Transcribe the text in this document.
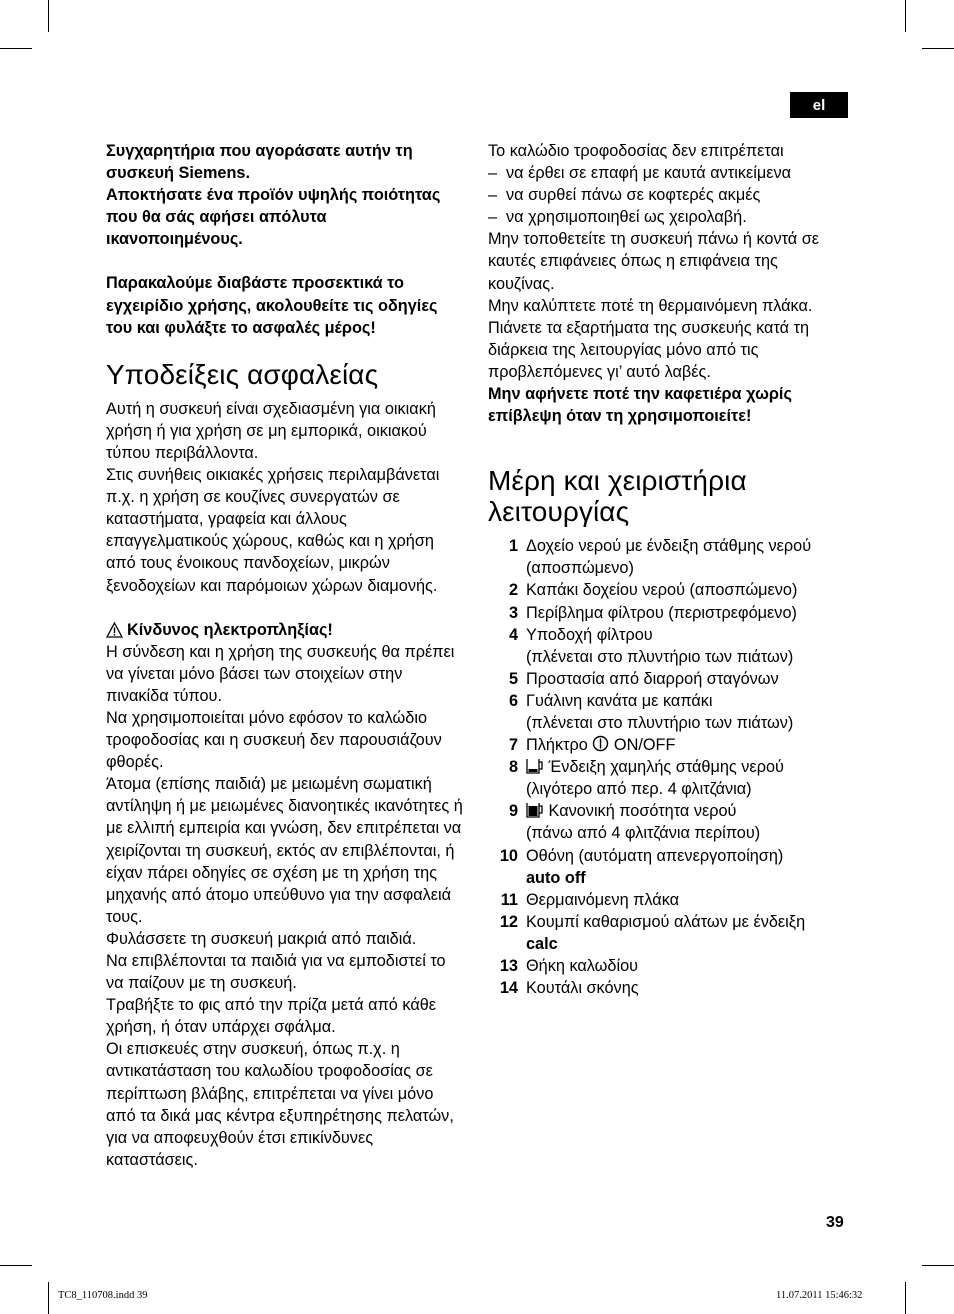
el

Συγχαρητήρια που αγοράσατε αυτήν τη συσκευή Siemens.

Αποκτήσατε ένα προϊόν υψηλής ποιότητας που θα σάς αφήσει απόλυτα ικανοποιημένους.

Παρακαλούμε διαβάστε προσεκτικά το εγχειρίδιο χρήσης, ακολουθείτε τις οδηγίες του και φυλάξτε το ασφαλές μέρος!

Υποδείξεις ασφαλείας

Αυτή η συσκευή είναι σχεδιασμένη για οικιακή χρήση ή για χρήση σε μη εμπορικά, οικιακού τύπου περιβάλλοντα.

Στις συνήθεις οικιακές χρήσεις περιλαμβάνεται π.χ. η χρήση σε κουζίνες συνεργατών σε καταστήματα, γραφεία και άλλους επαγγελματικούς χώρους, καθώς και η χρήση από τους ένοικους πανδοχείων, μικρών ξενοδοχείων και παρόμοιων χώρων διαμονής.

Κίνδυνος ηλεκτροπληξίας!

Η σύνδεση και η χρήση της συσκευής θα πρέπει να γίνεται μόνο βάσει των στοιχείων στην πινακίδα τύπου.

Να χρησιμοποιείται μόνο εφόσον το καλώδιο τροφοδοσίας και η συσκευή δεν παρουσιάζουν φθορές.

Άτομα (επίσης παιδιά) με μειωμένη σωματική αντίληψη ή με μειωμένες διανοητικές ικανότητες ή με ελλιπή εμπειρία και γνώση, δεν επιτρέπεται να χειρίζονται τη συσκευή, εκτός αν επιβλέπονται, ή είχαν πάρει οδηγίες σε σχέση με τη χρήση της μηχανής από άτομο υπεύθυνο για την ασφαλειά τους.

Φυλάσσετε τη συσκευή μακριά από παιδιά.

Να επιβλέπονται τα παιδιά για να εμποδιστεί το να παίζουν με τη συσκευή.

Τραβήξτε το φις από την πρίζα μετά από κάθε χρήση, ή όταν υπάρχει σφάλμα.

Οι επισκευές στην συσκευή, όπως π.χ. η αντικατάσταση του καλωδίου τροφοδοσίας σε περίπτωση βλάβης, επιτρέπεται να γίνει μόνο από τα δικά μας κέντρα εξυπηρέτησης πελατών, για να αποφευχθούν έτσι επικίνδυνες καταστάσεις.

Το καλώδιο τροφοδοσίας δεν επιτρέπεται

– να έρθει σε επαφή με καυτά αντικείμενα
– να συρθεί πάνω σε κοφτερές ακμές
– να χρησιμοποιηθεί ως χειρολαβή.

Μην τοποθετείτε τη συσκευή πάνω ή κοντά σε καυτές επιφάνειες όπως η επιφάνεια της κουζίνας.

Μην καλύπτετε ποτέ τη θερμαινόμενη πλάκα.

Πιάνετε τα εξαρτήματα της συσκευής κατά τη διάρκεια της λειτουργίας μόνο από τις προβλεπόμενες γι’ αυτό λαβές.

Μην αφήνετε ποτέ την καφετιέρα χωρίς επίβλεψη όταν τη χρησιμοποιείτε!

Μέρη και χειριστήρια
λειτουργίας
1 Δοχείο νερού με ένδειξη στάθμης νερού
(αποσπώμενο)
2 Καπάκι δοχείου νερού (αποσπώμενο)
3 Περίβλημα φίλτρου (περιστρεφόμενο)
4 Υποδοχή φίλτρου
(πλένεται στο πλυντήριο των πιάτων)
5 Προστασία από διαρροή σταγόνων
6 Γυάλινη κανάτα με καπάκι
(πλένεται στο πλυντήριο των πιάτων)
7 Πλήκτρο ON/OFF
8	Ένδειξη χαμηλής στάθμης νερού
(λιγότερο από περ. 4 φλιτζάνια)
9	Κανονική ποσότητα νερού
(πάνω από 4 φλιτζάνια περίπου)
10 Οθόνη (αυτόματη απενεργοποίηση)
auto off
11 Θερμαινόμενη πλάκα
12 Κουμπί καθαρισμού αλάτων με ένδειξη
calc
13 Θήκη καλωδίου
14 Κουτάλι σκόνης
39
TC8_110708.indd 39	11.07.2011 15:46:32
